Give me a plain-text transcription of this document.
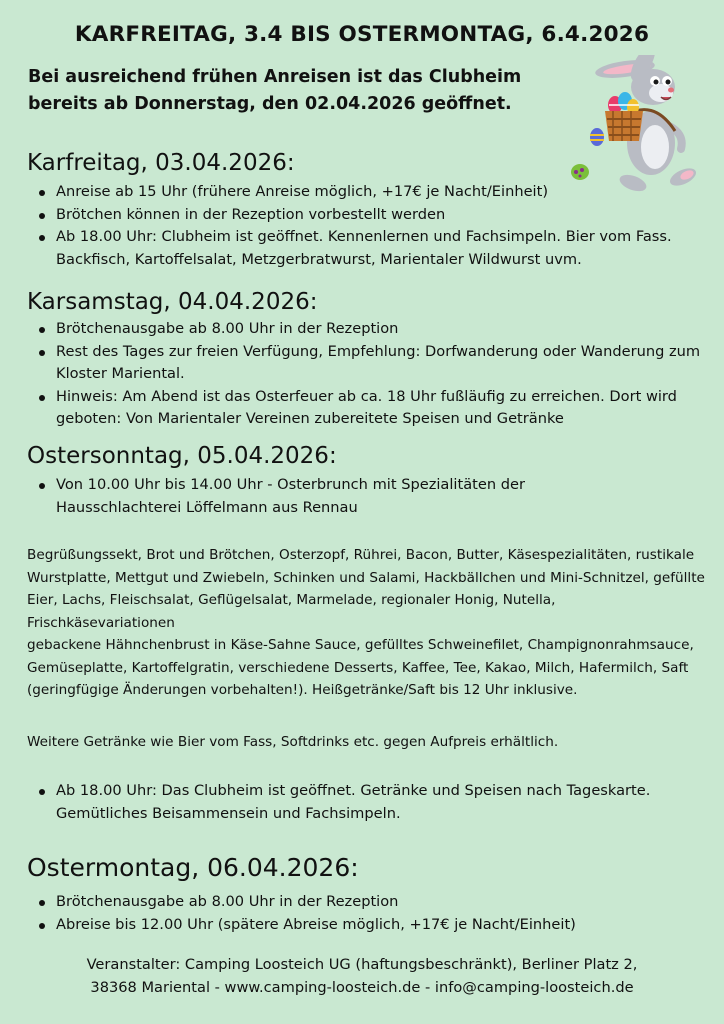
KARFREITAG, 3.4 BIS OSTERMONTAG, 6.4.2026
Bei ausreichend frühen Anreisen ist das Clubheim
bereits ab Donnerstag, den 02.04.2026 geöffnet.
Karfreitag, 03.04.2026:
Anreise ab 15 Uhr (frühere Anreise möglich, +17€ je Nacht/Einheit)
Brötchen können in der Rezeption vorbestellt werden
Ab 18.00 Uhr: Clubheim ist geöffnet. Kennenlernen und Fachsimpeln. Bier vom Fass. Backfisch, Kartoffelsalat, Metzgerbratwurst, Marientaler Wildwurst uvm.
Karsamstag, 04.04.2026:
Brötchenausgabe ab 8.00 Uhr in der Rezeption
Rest des Tages zur freien Verfügung, Empfehlung: Dorfwanderung oder Wanderung zum Kloster Mariental.
Hinweis: Am Abend ist das Osterfeuer ab ca. 18 Uhr fußläufig zu erreichen. Dort wird geboten: Von Marientaler Vereinen zubereitete Speisen und Getränke
Ostersonntag, 05.04.2026:
Von 10.00 Uhr bis 14.00 Uhr - Osterbrunch mit Spezialitäten der Hausschlachterei Löffelmann aus Rennau
Begrüßungssekt, Brot und Brötchen, Osterzopf, Rührei, Bacon, Butter, Käsespezialitäten, rustikale Wurstplatte, Mettgut und Zwiebeln, Schinken und Salami, Hackbällchen und Mini-Schnitzel, gefüllte Eier, Lachs, Fleischsalat, Geflügelsalat, Marmelade, regionaler Honig, Nutella, Frischkäsevariationen
gebackene Hähnchenbrust in Käse-Sahne Sauce, gefülltes Schweinefilet, Champignonrahmsauce, Gemüseplatte, Kartoffelgratin, verschiedene Desserts, Kaffee, Tee, Kakao, Milch, Hafermilch, Saft (geringfügige Änderungen vorbehalten!). Heißgetränke/Saft bis 12 Uhr inklusive.

Weitere Getränke wie Bier vom Fass, Softdrinks etc. gegen Aufpreis erhältlich.

Ab 18.00 Uhr: Das Clubheim ist geöffnet. Getränke und Speisen nach Tageskarte. Gemütliches Beisammensein und Fachsimpeln.
Ostermontag, 06.04.2026:
Brötchenausgabe ab 8.00 Uhr in der Rezeption
Abreise bis 12.00 Uhr (spätere Abreise möglich, +17€ je Nacht/Einheit)
Veranstalter: Camping Loosteich UG (haftungsbeschränkt), Berliner Platz 2,
38368 Mariental - www.camping-loosteich.de - info@camping-loosteich.de
